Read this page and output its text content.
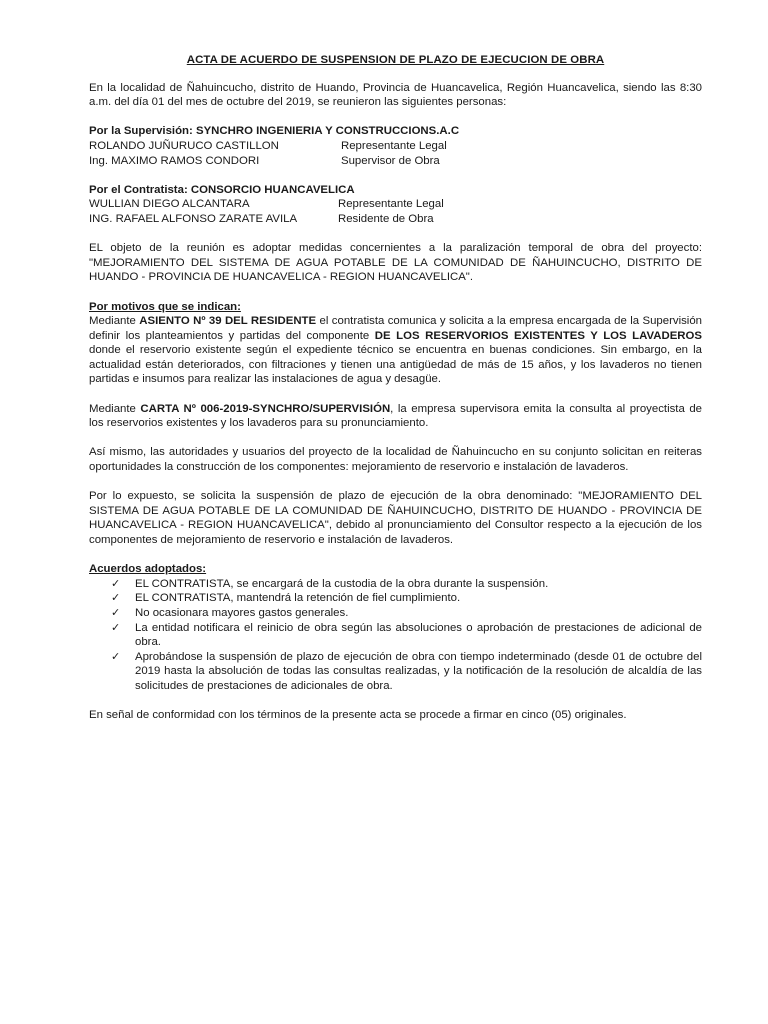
ACTA DE ACUERDO DE SUSPENSION DE PLAZO DE EJECUCION DE OBRA

En la localidad de Ñahuincucho, distrito de Huando, Provincia de Huancavelica, Región Huancavelica, siendo las 8:30 a.m. del día 01 del mes de octubre del 2019, se reunieron las siguientes personas:

Por la Supervisión: SYNCHRO INGENIERIA Y CONSTRUCCIONS.A.C
ROLANDO JUÑURUCO CASTILLON	Representante Legal
Ing. MAXIMO RAMOS CONDORI	Supervisor de Obra
Por el Contratista: CONSORCIO HUANCAVELICA
WULLIAN DIEGO ALCANTARA	Representante Legal
ING. RAFAEL ALFONSO ZARATE AVILA	Residente de Obra

EL objeto de la reunión es adoptar medidas concernientes a la paralización temporal de obra del proyecto: "MEJORAMIENTO DEL SISTEMA DE AGUA POTABLE DE LA COMUNIDAD DE ÑAHUINCUCHO, DISTRITO DE HUANDO - PROVINCIA DE HUANCAVELICA - REGION HUANCAVELICA".

Por motivos que se indican:

Mediante ASIENTO Nº 39 DEL RESIDENTE el contratista comunica y solicita a la empresa encargada de la Supervisión definir los planteamientos y partidas del componente DE LOS RESERVORIOS EXISTENTES Y LOS LAVADEROS donde el reservorio existente según el expediente técnico se encuentra en buenas condiciones. Sin embargo, en la actualidad están deteriorados, con filtraciones y tienen una antigüedad de más de 15 años, y los lavaderos no tienen partidas e insumos para realizar las instalaciones de agua y desagüe.

Mediante CARTA Nº 006-2019-SYNCHRO/SUPERVISIÓN, la empresa supervisora emita la consulta al proyectista de los reservorios existentes y los lavaderos para su pronunciamiento.

Así mismo, las autoridades y usuarios del proyecto de la localidad de Ñahuincucho en su conjunto solicitan en reiteras oportunidades la construcción de los componentes: mejoramiento de reservorio e instalación de lavaderos.

Por lo expuesto, se solicita la suspensión de plazo de ejecución de la obra denominado: "MEJORAMIENTO DEL SISTEMA DE AGUA POTABLE DE LA COMUNIDAD DE ÑAHUINCUCHO, DISTRITO DE HUANDO - PROVINCIA DE HUANCAVELICA - REGION HUANCAVELICA", debido al pronunciamiento del Consultor respecto a la ejecución de los componentes de mejoramiento de reservorio e instalación de lavaderos.

Acuerdos adoptados:
✓ EL CONTRATISTA, se encargará de la custodia de la obra durante la suspensión.
✓ EL CONTRATISTA, mantendrá la retención de fiel cumplimiento.
✓ No ocasionara mayores gastos generales.
✓ La entidad notificara el reinicio de obra según las absoluciones o aprobación de prestaciones de adicional de obra.
✓ Aprobándose la suspensión de plazo de ejecución de obra con tiempo indeterminado (desde 01 de octubre del 2019 hasta la absolución de todas las consultas realizadas, y la notificación de la resolución de alcaldía de las solicitudes de prestaciones de adicionales de obra.

En señal de conformidad con los términos de la presente acta se procede a firmar en cinco (05) originales.
